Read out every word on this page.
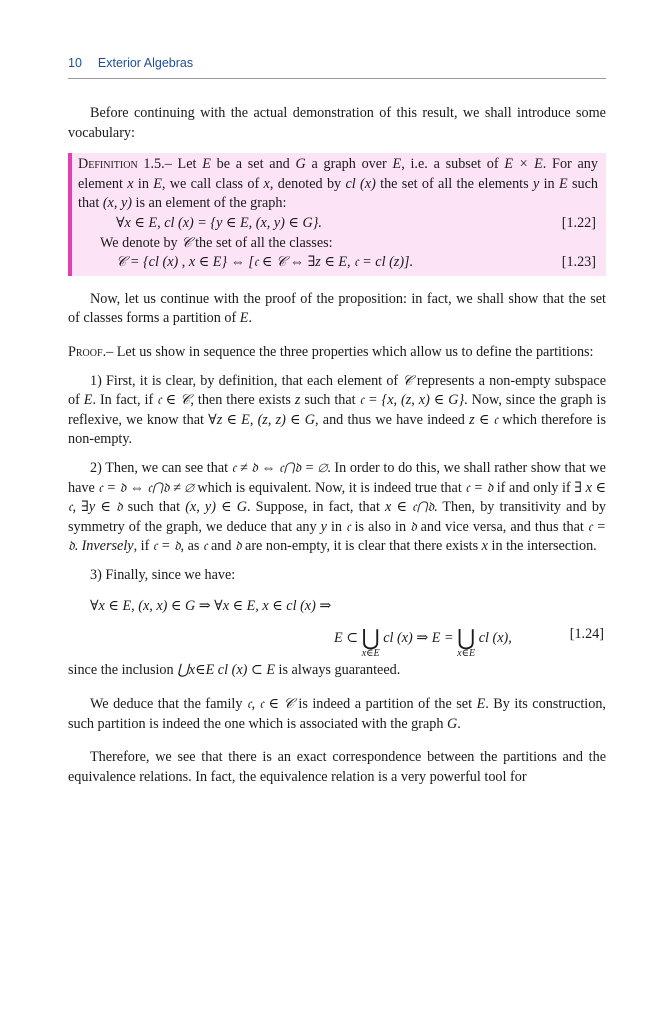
10 Exterior Algebras

Before continuing with the actual demonstration of this result, we shall introduce some vocabulary:

Definition 1.5.– Let E be a set and G a graph over E, i.e. a subset of E × E. For any element x in E, we call class of x, denoted by cl (x) the set of all the elements y in E such that (x, y) is an element of the graph:

∀x ∈ E, cl (x) = {y ∈ E, (x, y) ∈ G}.	[1.22]

We denote by 𝒞 the set of all the classes:

𝒞 = {cl (x) , x ∈ E} ⇔ [𝔠 ∈ 𝒞 ⇔ ∃z ∈ E, 𝔠 = cl (z)].	[1.23]

Now, let us continue with the proof of the proposition: in fact, we shall show that the set of classes forms a partition of E.

Proof.– Let us show in sequence the three properties which allow us to define the partitions:

1) First, it is clear, by definition, that each element of 𝒞 represents a non-empty subspace of E. In fact, if 𝔠 ∈ 𝒞, then there exists z such that 𝔠 = {x, (z, x) ∈ G}. Now, since the graph is reflexive, we know that ∀z ∈ E, (z, z) ∈ G, and thus we have indeed z ∈ 𝔠 which therefore is non-empty.

2) Then, we can see that 𝔠 ≠ 𝔡 ⇔ 𝔠⋂𝔡 = ∅. In order to do this, we shall rather show that we have 𝔠 = 𝔡 ⇔ 𝔠⋂𝔡 ≠ ∅ which is equivalent. Now, it is indeed true that 𝔠 = 𝔡 if and only if ∃ x ∈ 𝔠, ∃y ∈ 𝔡 such that (x, y) ∈ G. Suppose, in fact, that x ∈ 𝔠⋂𝔡. Then, by transitivity and by symmetry of the graph, we deduce that any y in 𝔠 is also in 𝔡 and vice versa, and thus that 𝔠 = 𝔡. Inversely, if 𝔠 = 𝔡, as 𝔠 and 𝔡 are non-empty, it is clear that there exists x in the intersection.

3) Finally, since we have:

∀x ∈ E, (x, x) ∈ G ⇒ ∀x ∈ E, x ∈ cl (x) ⇒
E ⊂ ⋃
x∈E
cl (x) ⇒ E = ⋃
x∈E
cl (x),	[1.24]

since the inclusion ⋃x∈E cl (x) ⊂ E is always guaranteed.

We deduce that the family 𝔠, 𝔠 ∈ 𝒞 is indeed a partition of the set E. By its construction, such partition is indeed the one which is associated with the graph G.

Therefore, we see that there is an exact correspondence between the partitions and the equivalence relations. In fact, the equivalence relation is a very powerful tool for
